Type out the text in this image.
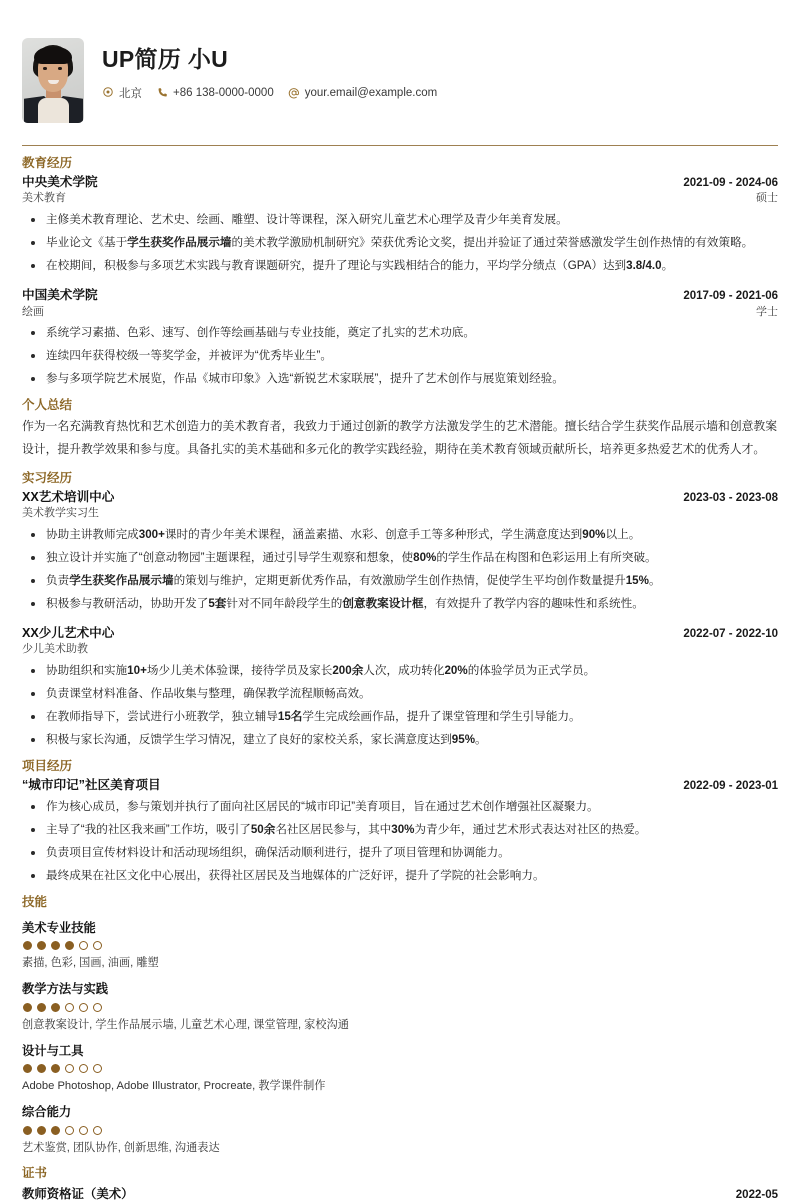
UP简历 小U
北京	+86 138-0000-0000	your.email@example.com
教育经历
中央美术学院	2021-09 - 2024-06
美术教育	硕士
主修美术教育理论、艺术史、绘画、雕塑、设计等课程，深入研究儿童艺术心理学及青少年美育发展。
毕业论文《基于学生获奖作品展示墙的美术教学激励机制研究》荣获优秀论文奖，提出并验证了通过荣誉感激发学生创作热情的有效策略。
在校期间，积极参与多项艺术实践与教育课题研究，提升了理论与实践相结合的能力，平均学分绩点（GPA）达到3.8/4.0。
中国美术学院	2017-09 - 2021-06
绘画	学士
系统学习素描、色彩、速写、创作等绘画基础与专业技能，奠定了扎实的艺术功底。
连续四年获得校级一等奖学金，并被评为“优秀毕业生”。
参与多项学院艺术展览，作品《城市印象》入选“新锐艺术家联展”，提升了艺术创作与展览策划经验。
个人总结
作为一名充满教育热忱和艺术创造力的美术教育者，我致力于通过创新的教学方法激发学生的艺术潜能。擅长结合学生获奖作品展示墙和创意教案设计，提升教学效果和参与度。具备扎实的美术基础和多元化的教学实践经验，期待在美术教育领域贡献所长，培养更多热爱艺术的优秀人才。
实习经历
XX艺术培训中心	2023-03 - 2023-08
美术教学实习生
协助主讲教师完成300+课时的青少年美术课程，涵盖素描、水彩、创意手工等多种形式，学生满意度达到90%以上。
独立设计并实施了“创意动物园”主题课程，通过引导学生观察和想象，使80%的学生作品在构图和色彩运用上有所突破。
负责学生获奖作品展示墙的策划与维护，定期更新优秀作品，有效激励学生创作热情，促使学生平均创作数量提升15%。
积极参与教研活动，协助开发了5套针对不同年龄段学生的创意教案设计框，有效提升了教学内容的趣味性和系统性。
XX少儿艺术中心	2022-07 - 2022-10
少儿美术助教
协助组织和实施10+场少儿美术体验课，接待学员及家长200余人次，成功转化20%的体验学员为正式学员。
负责课堂材料准备、作品收集与整理，确保教学流程顺畅高效。
在教师指导下，尝试进行小班教学，独立辅导15名学生完成绘画作品，提升了课堂管理和学生引导能力。
积极与家长沟通，反馈学生学习情况，建立了良好的家校关系，家长满意度达到95%。
项目经历
“城市印记”社区美育项目	2022-09 - 2023-01
作为核心成员，参与策划并执行了面向社区居民的“城市印记”美育项目，旨在通过艺术创作增强社区凝聚力。
主导了“我的社区我来画”工作坊，吸引了50余名社区居民参与，其中30%为青少年，通过艺术形式表达对社区的热爱。
负责项目宣传材料设计和活动现场组织，确保活动顺利进行，提升了项目管理和协调能力。
最终成果在社区文化中心展出，获得社区居民及当地媒体的广泛好评，提升了学院的社会影响力。
技能
美术专业技能
素描, 色彩, 国画, 油画, 雕塑
教学方法与实践
创意教案设计, 学生作品展示墙, 儿童艺术心理, 课堂管理, 家校沟通
设计与工具
Adobe Photoshop, Adobe Illustrator, Procreate, 教学课件制作
综合能力
艺术鉴赏, 团队协作, 创新思维, 沟通表达
证书
教师资格证（美术）	2022-05
